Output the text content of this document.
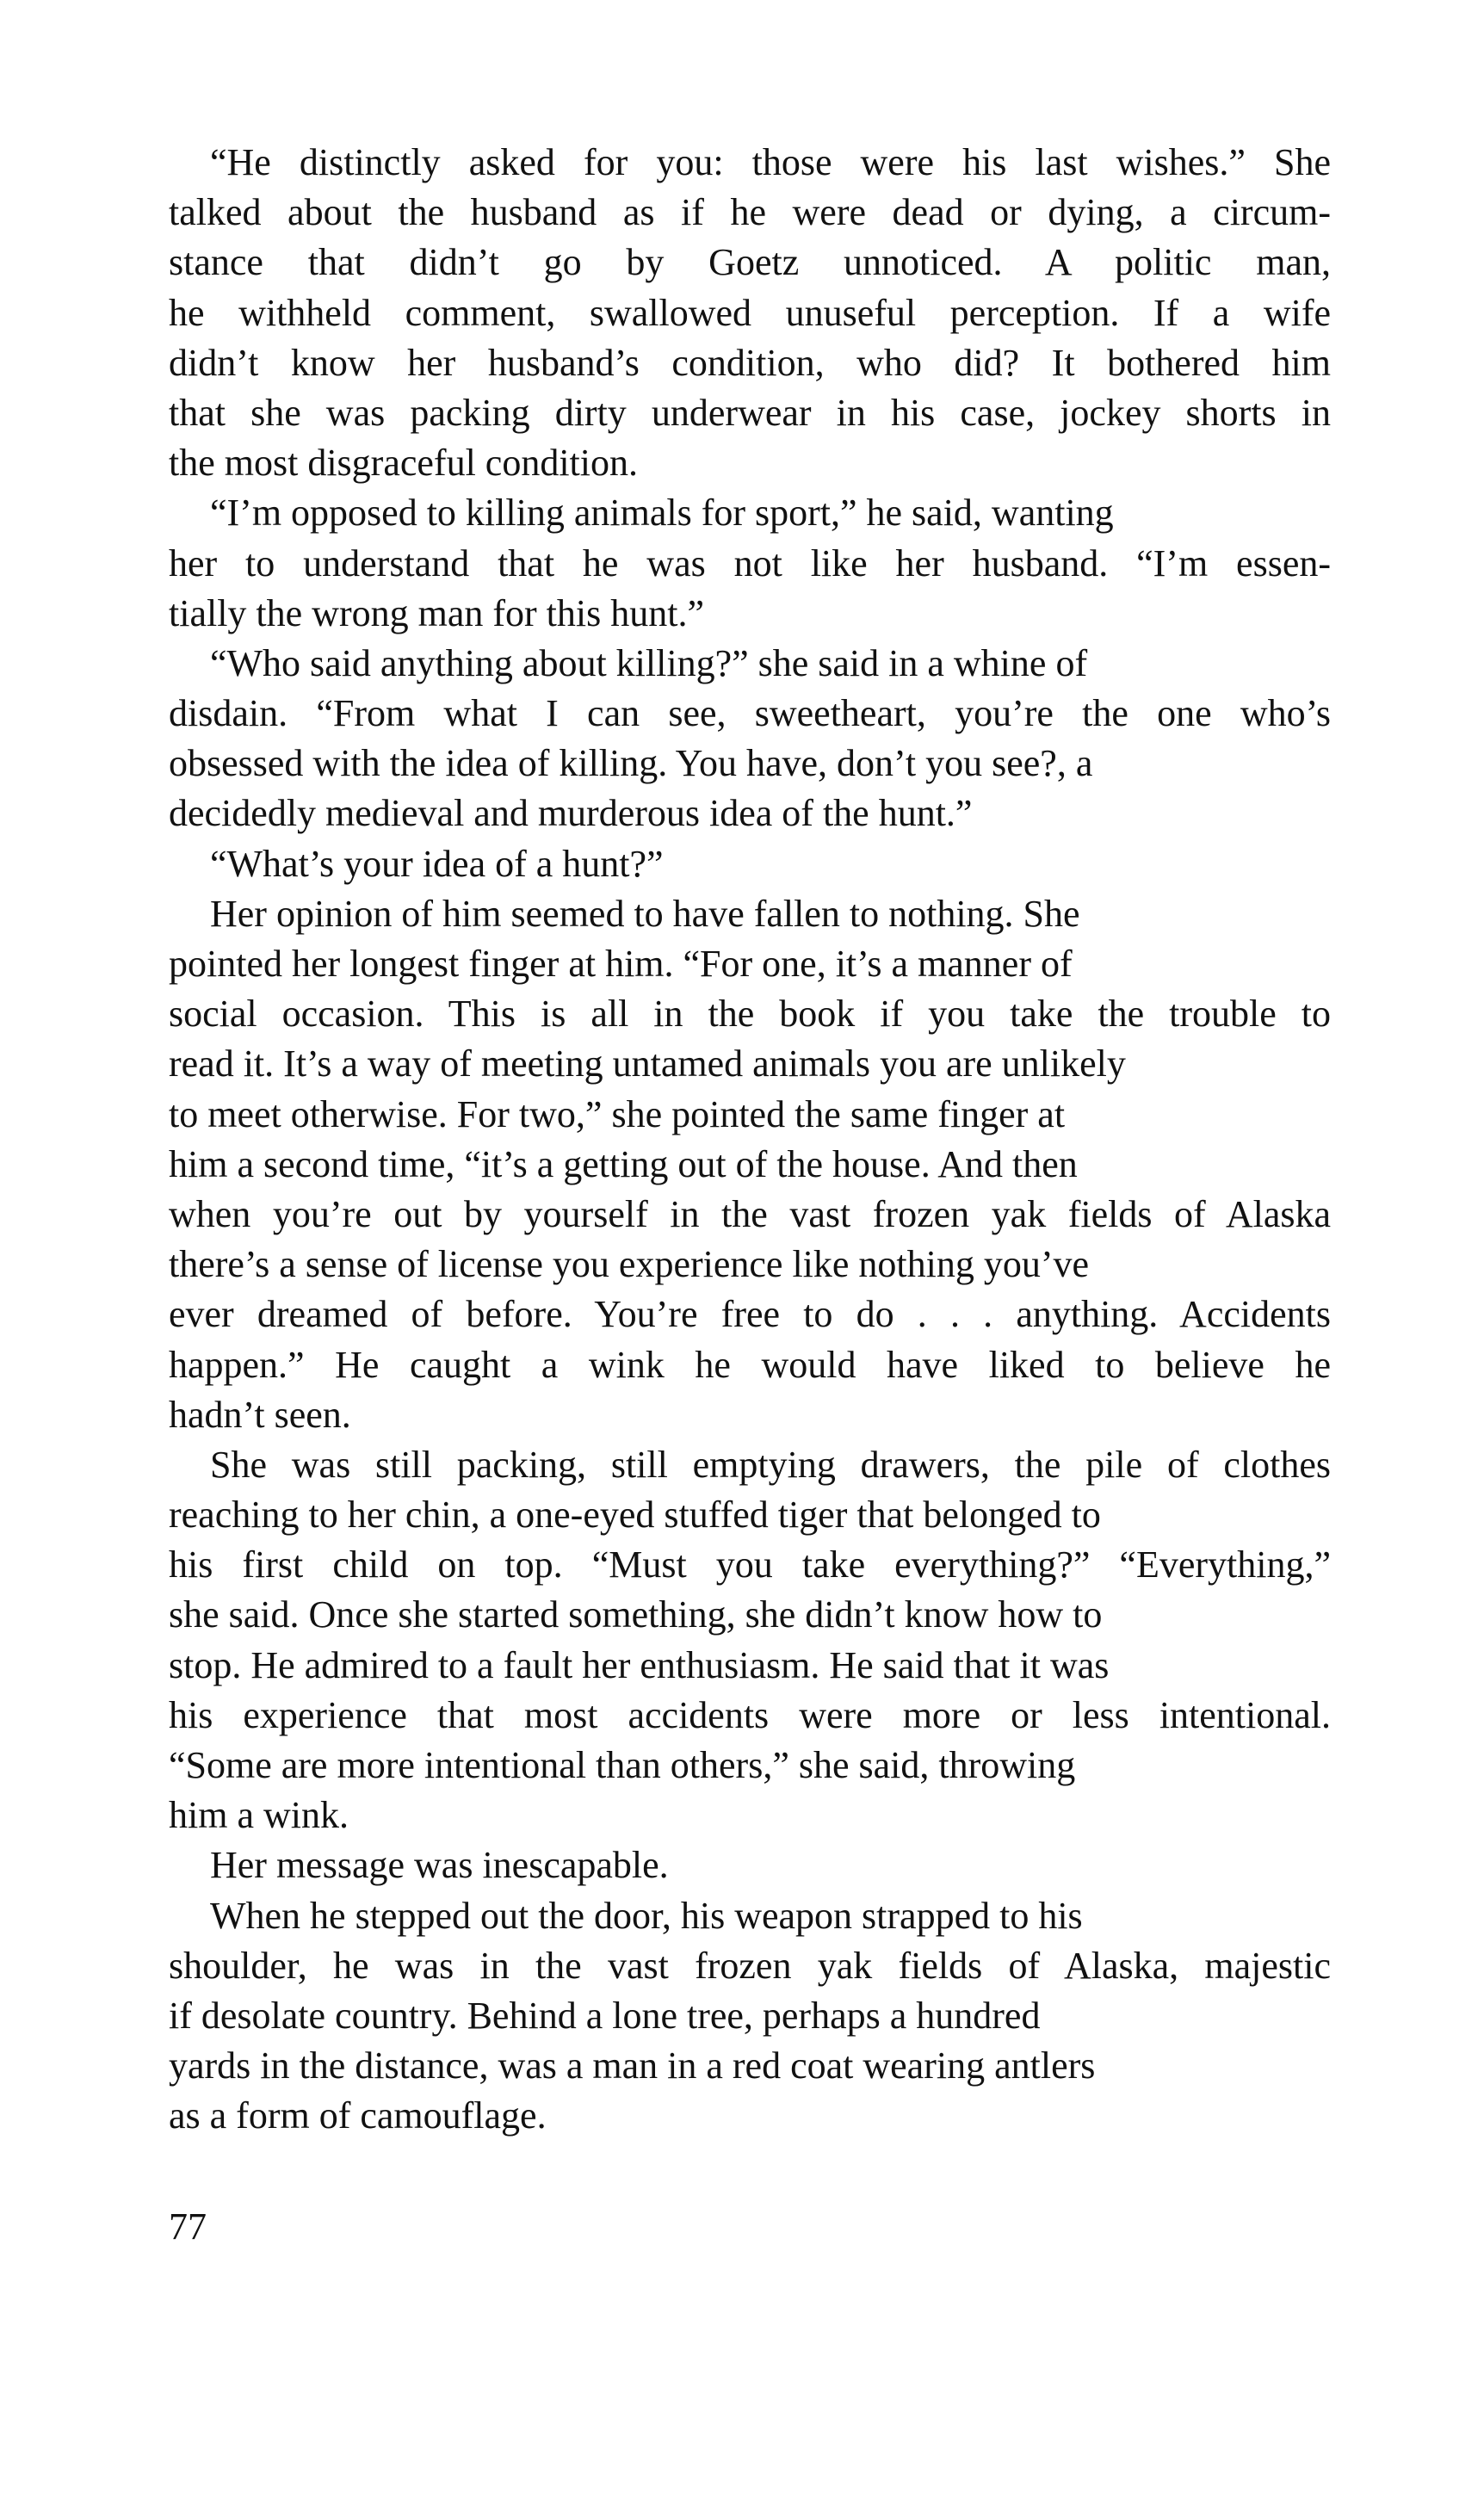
“He distinctly asked for you: those were his last wishes.” She
talked about the husband as if he were dead or dying, a circum-
stance that didn’t go by Goetz unnoticed. A politic man,
he withheld comment, swallowed unuseful perception. If a wife
didn’t know her husband’s condition, who did? It bothered him
that she was packing dirty underwear in his case, jockey shorts in
the most disgraceful condition.
“I’m opposed to killing animals for sport,” he said, wanting
her to understand that he was not like her husband. “I’m essen-
tially the wrong man for this hunt.”
“Who said anything about killing?” she said in a whine of
disdain. “From what I can see, sweetheart, you’re the one who’s
obsessed with the idea of killing. You have, don’t you see?, a
decidedly medieval and murderous idea of the hunt.”
“What’s your idea of a hunt?”
Her opinion of him seemed to have fallen to nothing. She
pointed her longest finger at him. “For one, it’s a manner of
social occasion. This is all in the book if you take the trouble to
read it. It’s a way of meeting untamed animals you are unlikely
to meet otherwise. For two,” she pointed the same finger at
him a second time, “it’s a getting out of the house. And then
when you’re out by yourself in the vast frozen yak fields of Alaska
there’s a sense of license you experience like nothing you’ve
ever dreamed of before. You’re free to do . . . anything. Accidents
happen.” He caught a wink he would have liked to believe he
hadn’t seen.
She was still packing, still emptying drawers, the pile of clothes
reaching to her chin, a one-eyed stuffed tiger that belonged to
his first child on top. “Must you take everything?” “Everything,”
she said. Once she started something, she didn’t know how to
stop. He admired to a fault her enthusiasm. He said that it was
his experience that most accidents were more or less intentional.
“Some are more intentional than others,” she said, throwing
him a wink.
Her message was inescapable.
When he stepped out the door, his weapon strapped to his
shoulder, he was in the vast frozen yak fields of Alaska, majestic
if desolate country. Behind a lone tree, perhaps a hundred
yards in the distance, was a man in a red coat wearing antlers
as a form of camouflage.
77
